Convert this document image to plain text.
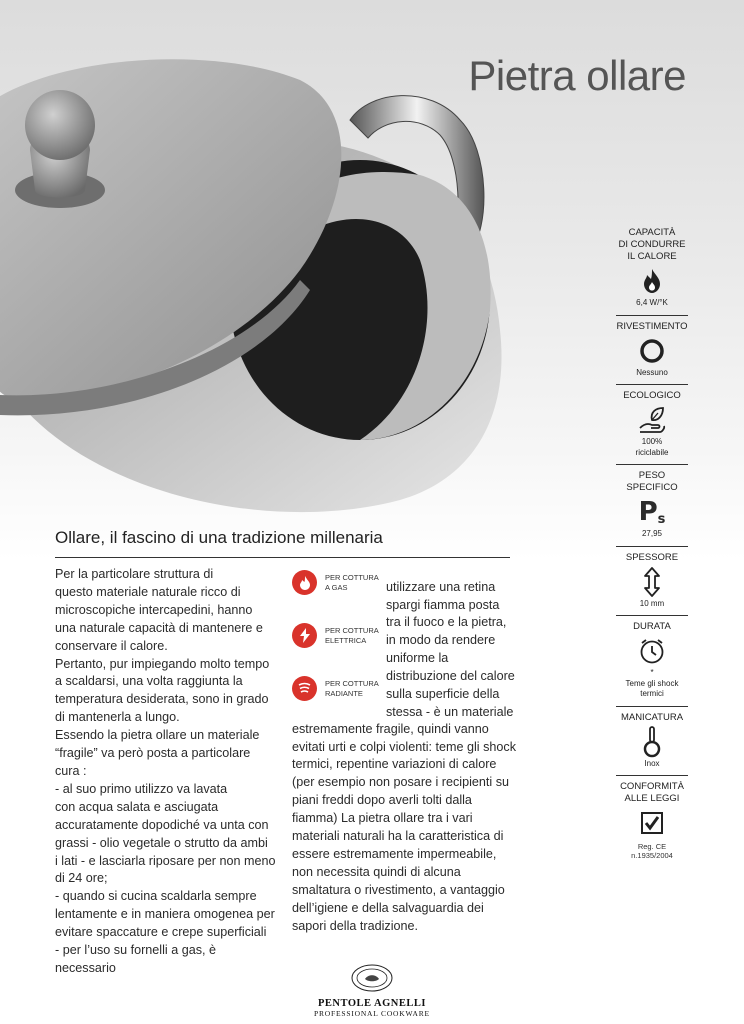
Pietra ollare
Ollare, il fascino di una tradizione millenaria

Per la particolare struttura di
questo materiale naturale ricco di
microscopiche intercapedini, hanno
una naturale capacità di mantenere e
conservare il calore.
Pertanto, pur impiegando molto tempo
a scaldarsi, una volta raggiunta la
temperatura desiderata, sono in grado
di mantenerla a lungo.
Essendo la pietra ollare un materiale
“fragile” va però posta a particolare
cura :
- al suo primo utilizzo va lavata
con acqua salata e asciugata
accuratamente dopodiché va unta con
grassi - olio vegetale o strutto da ambi
i lati - e lasciarla riposare per non meno
di 24 ore;
- quando si cucina scaldarla sempre
lentamente e in maniera omogenea per
evitare spaccature e crepe superficiali
- per l’uso su fornelli a gas, è necessario

PER COTTURA
A GAS
PER COTTURA
ELETTRICA
PER COTTURA
RADIANTE

utilizzare una retina spargi fiamma posta tra il fuoco e la pietra, in modo da rendere uniforme la distribuzione del calore sulla superficie della stessa - è un materiale

estremamente fragile, quindi vanno evitati urti e colpi violenti: teme gli shock termici, repentine variazioni di calore (per esempio non posare i recipienti su piani freddi dopo averli tolti dalla fiamma) La pietra ollare tra i vari materiali naturali ha la caratteristica di essere estremamente impermeabile, non necessita quindi di alcuna smaltatura o rivestimento, a vantaggio dell’igiene e della salvaguardia dei sapori della tradizione.

CAPACITÀ
DI CONDURRE
IL CALORE
6,4 W/°K
RIVESTIMENTO
Nessuno
ECOLOGICO
100%
riciclabile
PESO
SPECIFICO
P s
27,95
SPESSORE
10 mm
DURATA
*
Teme gli shock
termici
MANICATURA
Inox
CONFORMITÀ
ALLE LEGGI
Reg. CE n.1935/2004
PENTOLE AGNELLI
PROFESSIONAL COOKWARE
